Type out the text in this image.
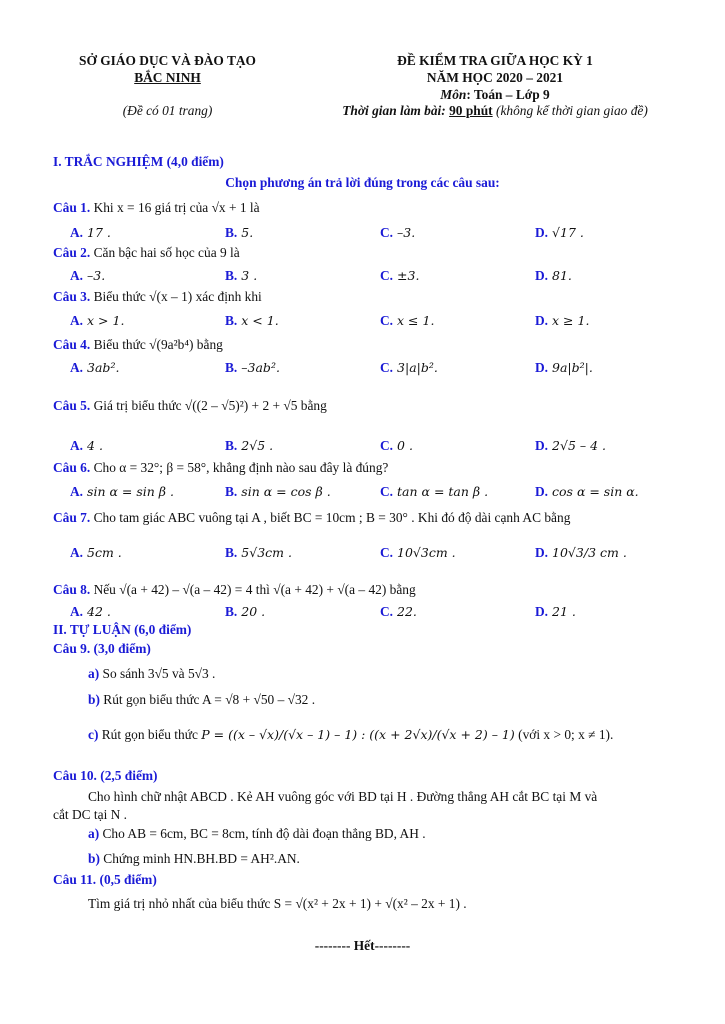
SỞ GIÁO DỤC VÀ ĐÀO TẠO
BẮC NINH
(Đề có 01 trang)
ĐỀ KIỂM TRA GIỮA HỌC KỲ 1
NĂM HỌC 2020 – 2021
Môn: Toán – Lớp 9
Thời gian làm bài: 90 phút (không kể thời gian giao đề)
I. TRẮC NGHIỆM (4,0 điểm)
Chọn phương án trả lời đúng trong các câu sau:
Câu 1. Khi x = 16 giá trị của √x + 1 là
A. 17 .	B. 5.	C. –3.	D. √17 .
Câu 2. Căn bậc hai số học của 9 là
A. –3.	B. 3 .	C. ±3.	D. 81.
Câu 3. Biểu thức √(x – 1) xác định khi
A. x > 1.	B. x < 1.	C. x ≤ 1.	D. x ≥ 1.
Câu 4. Biểu thức √(9a²b⁴) bằng
A. 3ab².	B. –3ab².	C. 3|a|b².	D. 9a|b²|.
Câu 5. Giá trị biểu thức √((2 – √5)²) + 2 + √5 bằng
A. 4 .	B. 2√5 .	C. 0 .	D. 2√5 – 4 .
Câu 6. Cho α = 32°; β = 58°, khẳng định nào sau đây là đúng?
A. sin α = sin β .	B. sin α = cos β .	C. tan α = tan β .	D. cos α = sin α.
Câu 7. Cho tam giác ABC vuông tại A , biết BC = 10cm ; B = 30° . Khi đó độ dài cạnh AC bằng
A. 5cm .	B. 5√3cm .	C. 10√3cm .	D. 10√3/3 cm .
Câu 8. Nếu √(a + 42) – √(a – 42) = 4 thì √(a + 42) + √(a – 42) bằng
A. 42 .	B. 20 .	C. 22.	D. 21 .
II. TỰ LUẬN (6,0 điểm)
Câu 9. (3,0 điểm)
a) So sánh 3√5 và 5√3 .
b) Rút gọn biểu thức A = √8 + √50 – √32 .
c) Rút gọn biểu thức P = ((x – √x)/(√x – 1) – 1) : ((x + 2√x)/(√x + 2) – 1) (với x > 0; x ≠ 1).
Câu 10. (2,5 điểm)
Cho hình chữ nhật ABCD . Kẻ AH vuông góc với BD tại H . Đường thẳng AH cắt BC tại M và
cắt DC tại N .
a) Cho AB = 6cm, BC = 8cm, tính độ dài đoạn thẳng BD, AH .
b) Chứng minh HN.BH.BD = AH².AN.
Câu 11. (0,5 điểm)
Tìm giá trị nhỏ nhất của biểu thức S = √(x² + 2x + 1) + √(x² – 2x + 1) .
-------- Hết--------
